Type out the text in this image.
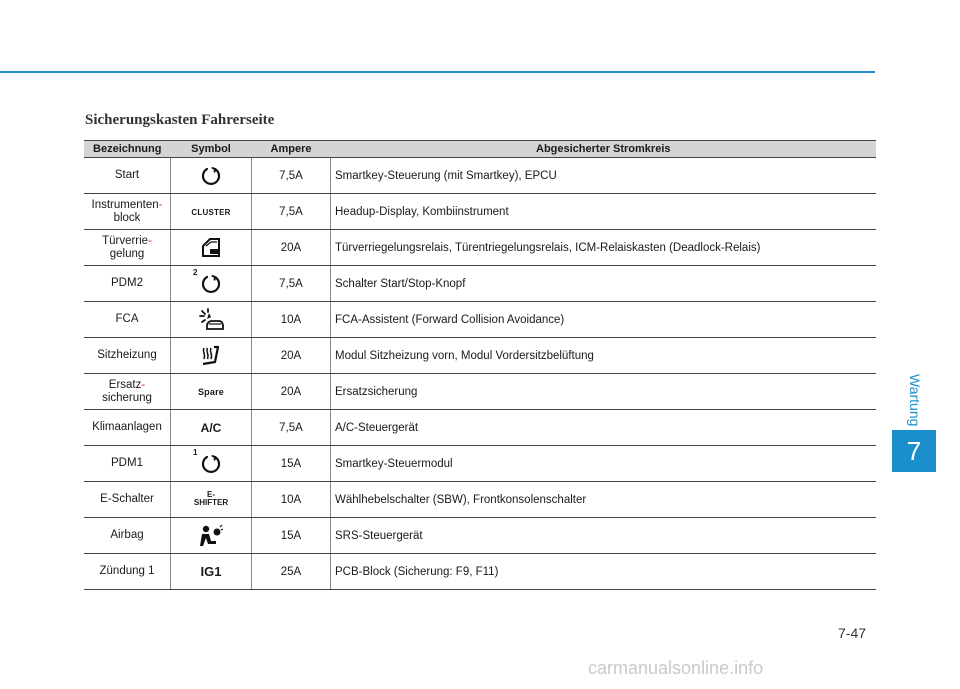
Wartung
7
Sicherungskasten Fahrerseite
Bezeichnung	Symbol	Ampere	Abgesicherter Stromkreis
Start		7,5A	Smartkey-Steuerung (mit Smartkey), EPCU
Instrumenten-
block	CLUSTER	7,5A	Headup-Display, Kombiinstrument
Türverrie-
gelung		20A	Türverriegelungsrelais, Türentriegelungsrelais, ICM-Relaiskasten (Deadlock-Relais)
PDM2	2	7,5A	Schalter Start/Stop-Knopf
FCA		10A	FCA-Assistent (Forward Collision Avoidance)
Sitzheizung		20A	Modul Sitzheizung vorn, Modul Vordersitzbelüftung
Ersatz-
sicherung	Spare	20A	Ersatzsicherung
Klimaanlagen	A/C	7,5A	A/C-Steuergerät
PDM1	1	15A	Smartkey-Steuermodul
E-Schalter	E-
SHIFTER	10A	Wählhebelschalter (SBW), Frontkonsolenschalter
Airbag		15A	SRS-Steuergerät
Zündung 1	IG1	25A	PCB-Block (Sicherung: F9, F11)
7-47
carmanualsonline.info
